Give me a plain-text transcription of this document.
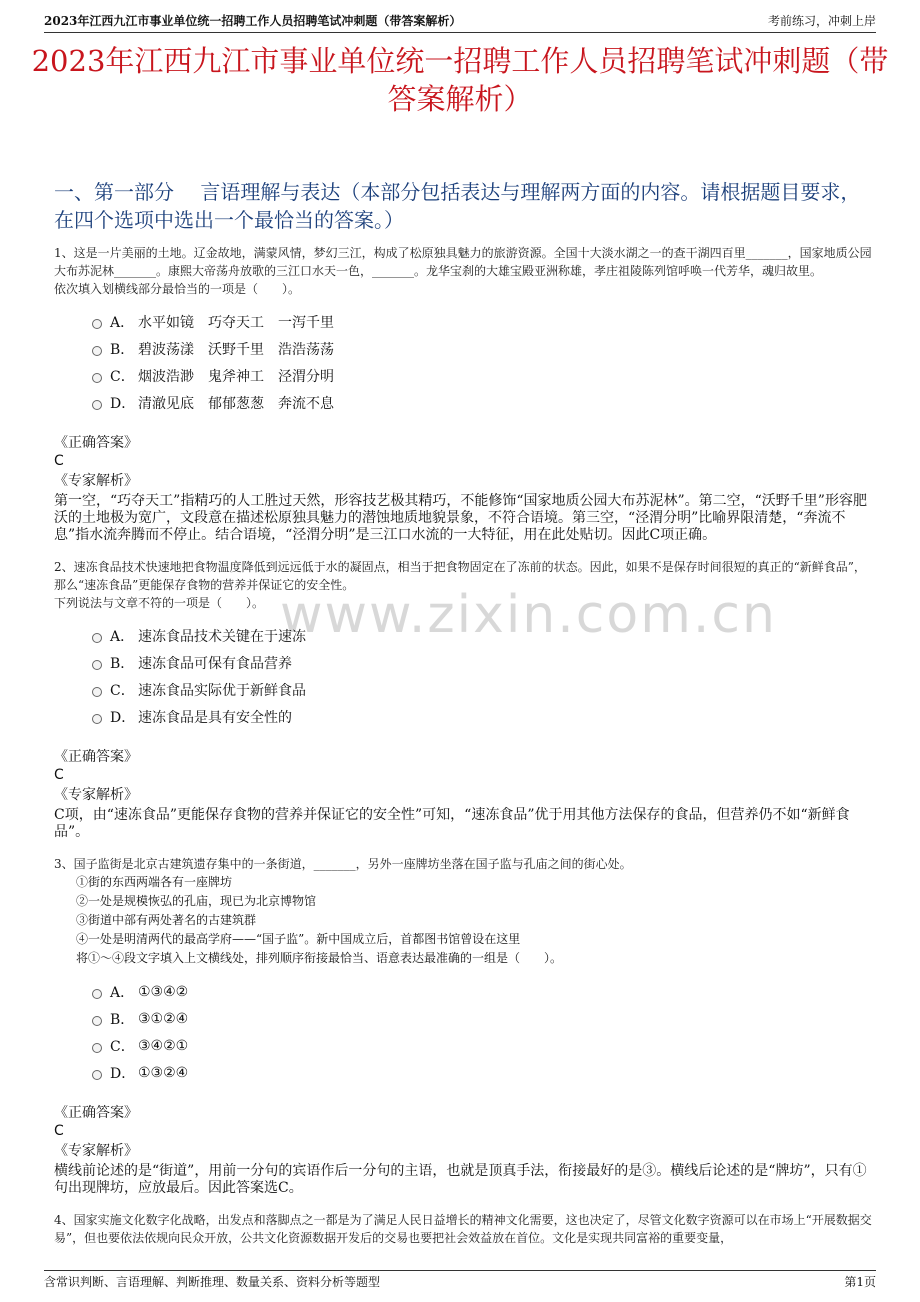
2023年江西九江市事业单位统一招聘工作人员招聘笔试冲刺题（带答案解析）	考前练习，冲刺上岸
2023年江西九江市事业单位统一招聘工作人员招聘笔试冲刺题（带答案解析）
一、第一部分　 言语理解与表达（本部分包括表达与理解两方面的内容。请根据题目要求，在四个选项中选出一个最恰当的答案。）
www.zixin.com.cn
1、这是一片美丽的土地。辽金故地，满蒙风情，梦幻三江，构成了松原独具魅力的旅游资源。全国十大淡水湖之一的查干湖四百里_______，国家地质公园大布苏泥林_______。康熙大帝荡舟放歌的三江口水天一色，_______。龙华宝刹的大雄宝殿亚洲称雄，孝庄祖陵陈列馆呼唤一代芳华，魂归故里。
依次填入划横线部分最恰当的一项是（　　）。
A． 水平如镜　巧夺天工　一泻千里
B． 碧波荡漾　沃野千里　浩浩荡荡
C． 烟波浩渺　鬼斧神工　泾渭分明
D． 清澈见底　郁郁葱葱　奔流不息
《正确答案》
C
《专家解析》
第一空，“巧夺天工”指精巧的人工胜过天然，形容技艺极其精巧，不能修饰“国家地质公园大布苏泥林”。第二空，“沃野千里”形容肥沃的土地极为宽广，文段意在描述松原独具魅力的潜蚀地质地貌景象，不符合语境。第三空，“泾渭分明”比喻界限清楚，“奔流不息”指水流奔腾而不停止。结合语境，“泾渭分明”是三江口水流的一大特征，用在此处贴切。因此C项正确。
2、速冻食品技术快速地把食物温度降低到远远低于水的凝固点，相当于把食物固定在了冻前的状态。因此，如果不是保存时间很短的真正的“新鲜食品”，那么“速冻食品”更能保存食物的营养并保证它的安全性。
下列说法与文章不符的一项是（　　）。
A． 速冻食品技术关键在于速冻
B． 速冻食品可保有食品营养
C． 速冻食品实际优于新鲜食品
D． 速冻食品是具有安全性的
《正确答案》
C
《专家解析》
C项，由“速冻食品”更能保存食物的营养并保证它的安全性”可知，“速冻食品”优于用其他方法保存的食品，但营养仍不如“新鲜食品”。
3、国子监街是北京古建筑遗存集中的一条街道，_______，另外一座牌坊坐落在国子监与孔庙之间的街心处。
①街的东西两端各有一座牌坊
②一处是规模恢弘的孔庙，现已为北京博物馆
③街道中部有两处著名的古建筑群
④一处是明清两代的最高学府——“国子监”。新中国成立后，首都图书馆曾设在这里
将①～④段文字填入上文横线处，排列顺序衔接最恰当、语意表达最准确的一组是（　　）。
A． ①③④②
B． ③①②④
C． ③④②①
D． ①③②④
《正确答案》
C
《专家解析》
横线前论述的是“街道”，用前一分句的宾语作后一分句的主语，也就是顶真手法，衔接最好的是③。横线后论述的是“牌坊”，只有①句出现牌坊，应放最后。因此答案选C。
4、国家实施文化数字化战略，出发点和落脚点之一都是为了满足人民日益增长的精神文化需要，这也决定了，尽管文化数字资源可以在市场上“开展数据交易”，但也要依法依规向民众开放，公共文化资源数据开发后的交易也要把社会效益放在首位。文化是实现共同富裕的重要变量，
含常识判断、言语理解、判断推理、数量关系、资料分析等题型	第1页
